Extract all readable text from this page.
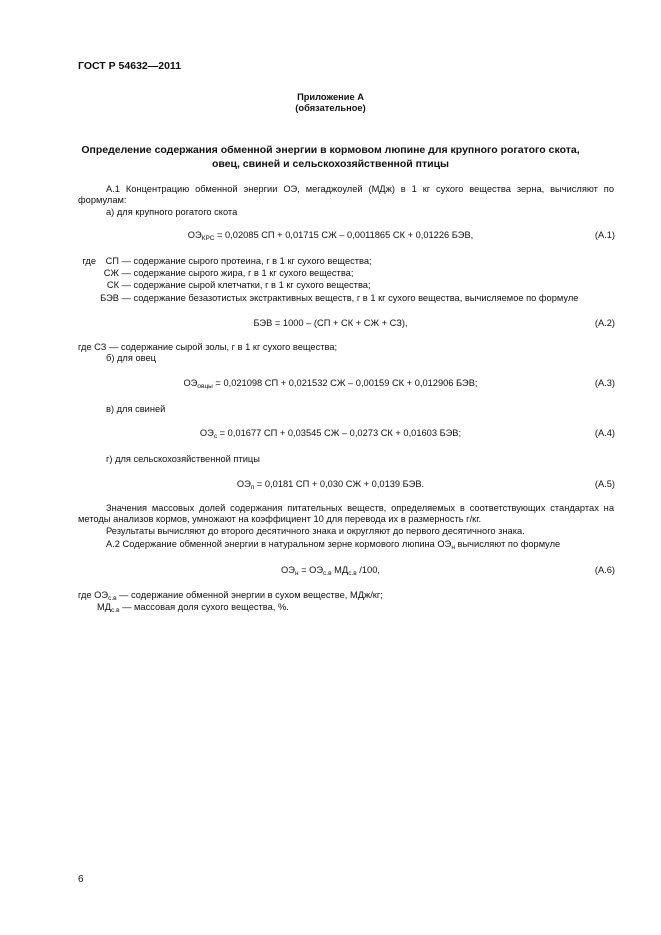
ГОСТ Р 54632—2011
Приложение А
(обязательное)
Определение содержания обменной энергии в кормовом люпине для крупного рогатого скота,
овец, свиней и сельскохозяйственной птицы
А.1 Концентрацию обменной энергии ОЭ, мегаджоулей (МДж) в 1 кг сухого вещества зерна, вычисляют по формулам:
а) для крупного рогатого скота
$ОЭ_{КРС} = 0,02085$ СП + 0,01715 СЖ – 0,0011865 СК + 0,01226 БЭВ,	(А.1)
где СП — содержание сырого протеина, г в 1 кг сухого вещества;
СЖ — содержание сырого жира, г в 1 кг сухого вещества;
СК — содержание сырой клетчатки, г в 1 кг сухого вещества;
БЭВ — содержание безазотистых экстрактивных веществ, г в 1 кг сухого вещества, вычисляемое по формуле
БЭВ = 1000 – (СП + СК + СЖ + СЗ),	(А.2)
где СЗ — содержание сырой золы, г в 1 кг сухого вещества;
б) для овец
$ОЭ_{овцы} = 0,021098$ СП + 0,021532 СЖ – 0,00159 СК + 0,012906 БЭВ;	(А.3)
в) для свиней
$ОЭ_с = 0,01677$ СП + 0,03545 СЖ – 0,0273 СК + 0,01603 БЭВ;	(А.4)
г) для сельскохозяйственной птицы
$ОЭ_п = 0,0181$ СП + 0,030 СЖ + 0,0139 БЭВ.	(А.5)
Значения массовых долей содержания питательных веществ, определяемых в соответствующих стандартах на методы анализов кормов, умножают на коэффициент 10 для перевода их в размерность г/кг.
Результаты вычисляют до второго десятичного знака и округляют до первого десятичного знака.
А.2 Содержание обменной энергии в натуральном зерне кормового люпина $ОЭ_н$ вычисляют по формуле
$ОЭ_н = ОЭ_{с.в}$ $МД_{с.в}$ /100,	(А.6)
где $ОЭ_{с.в}$ — содержание обменной энергии в сухом веществе, МДж/кг;
$МД_{с.в}$ — массовая доля сухого вещества, %.
6
